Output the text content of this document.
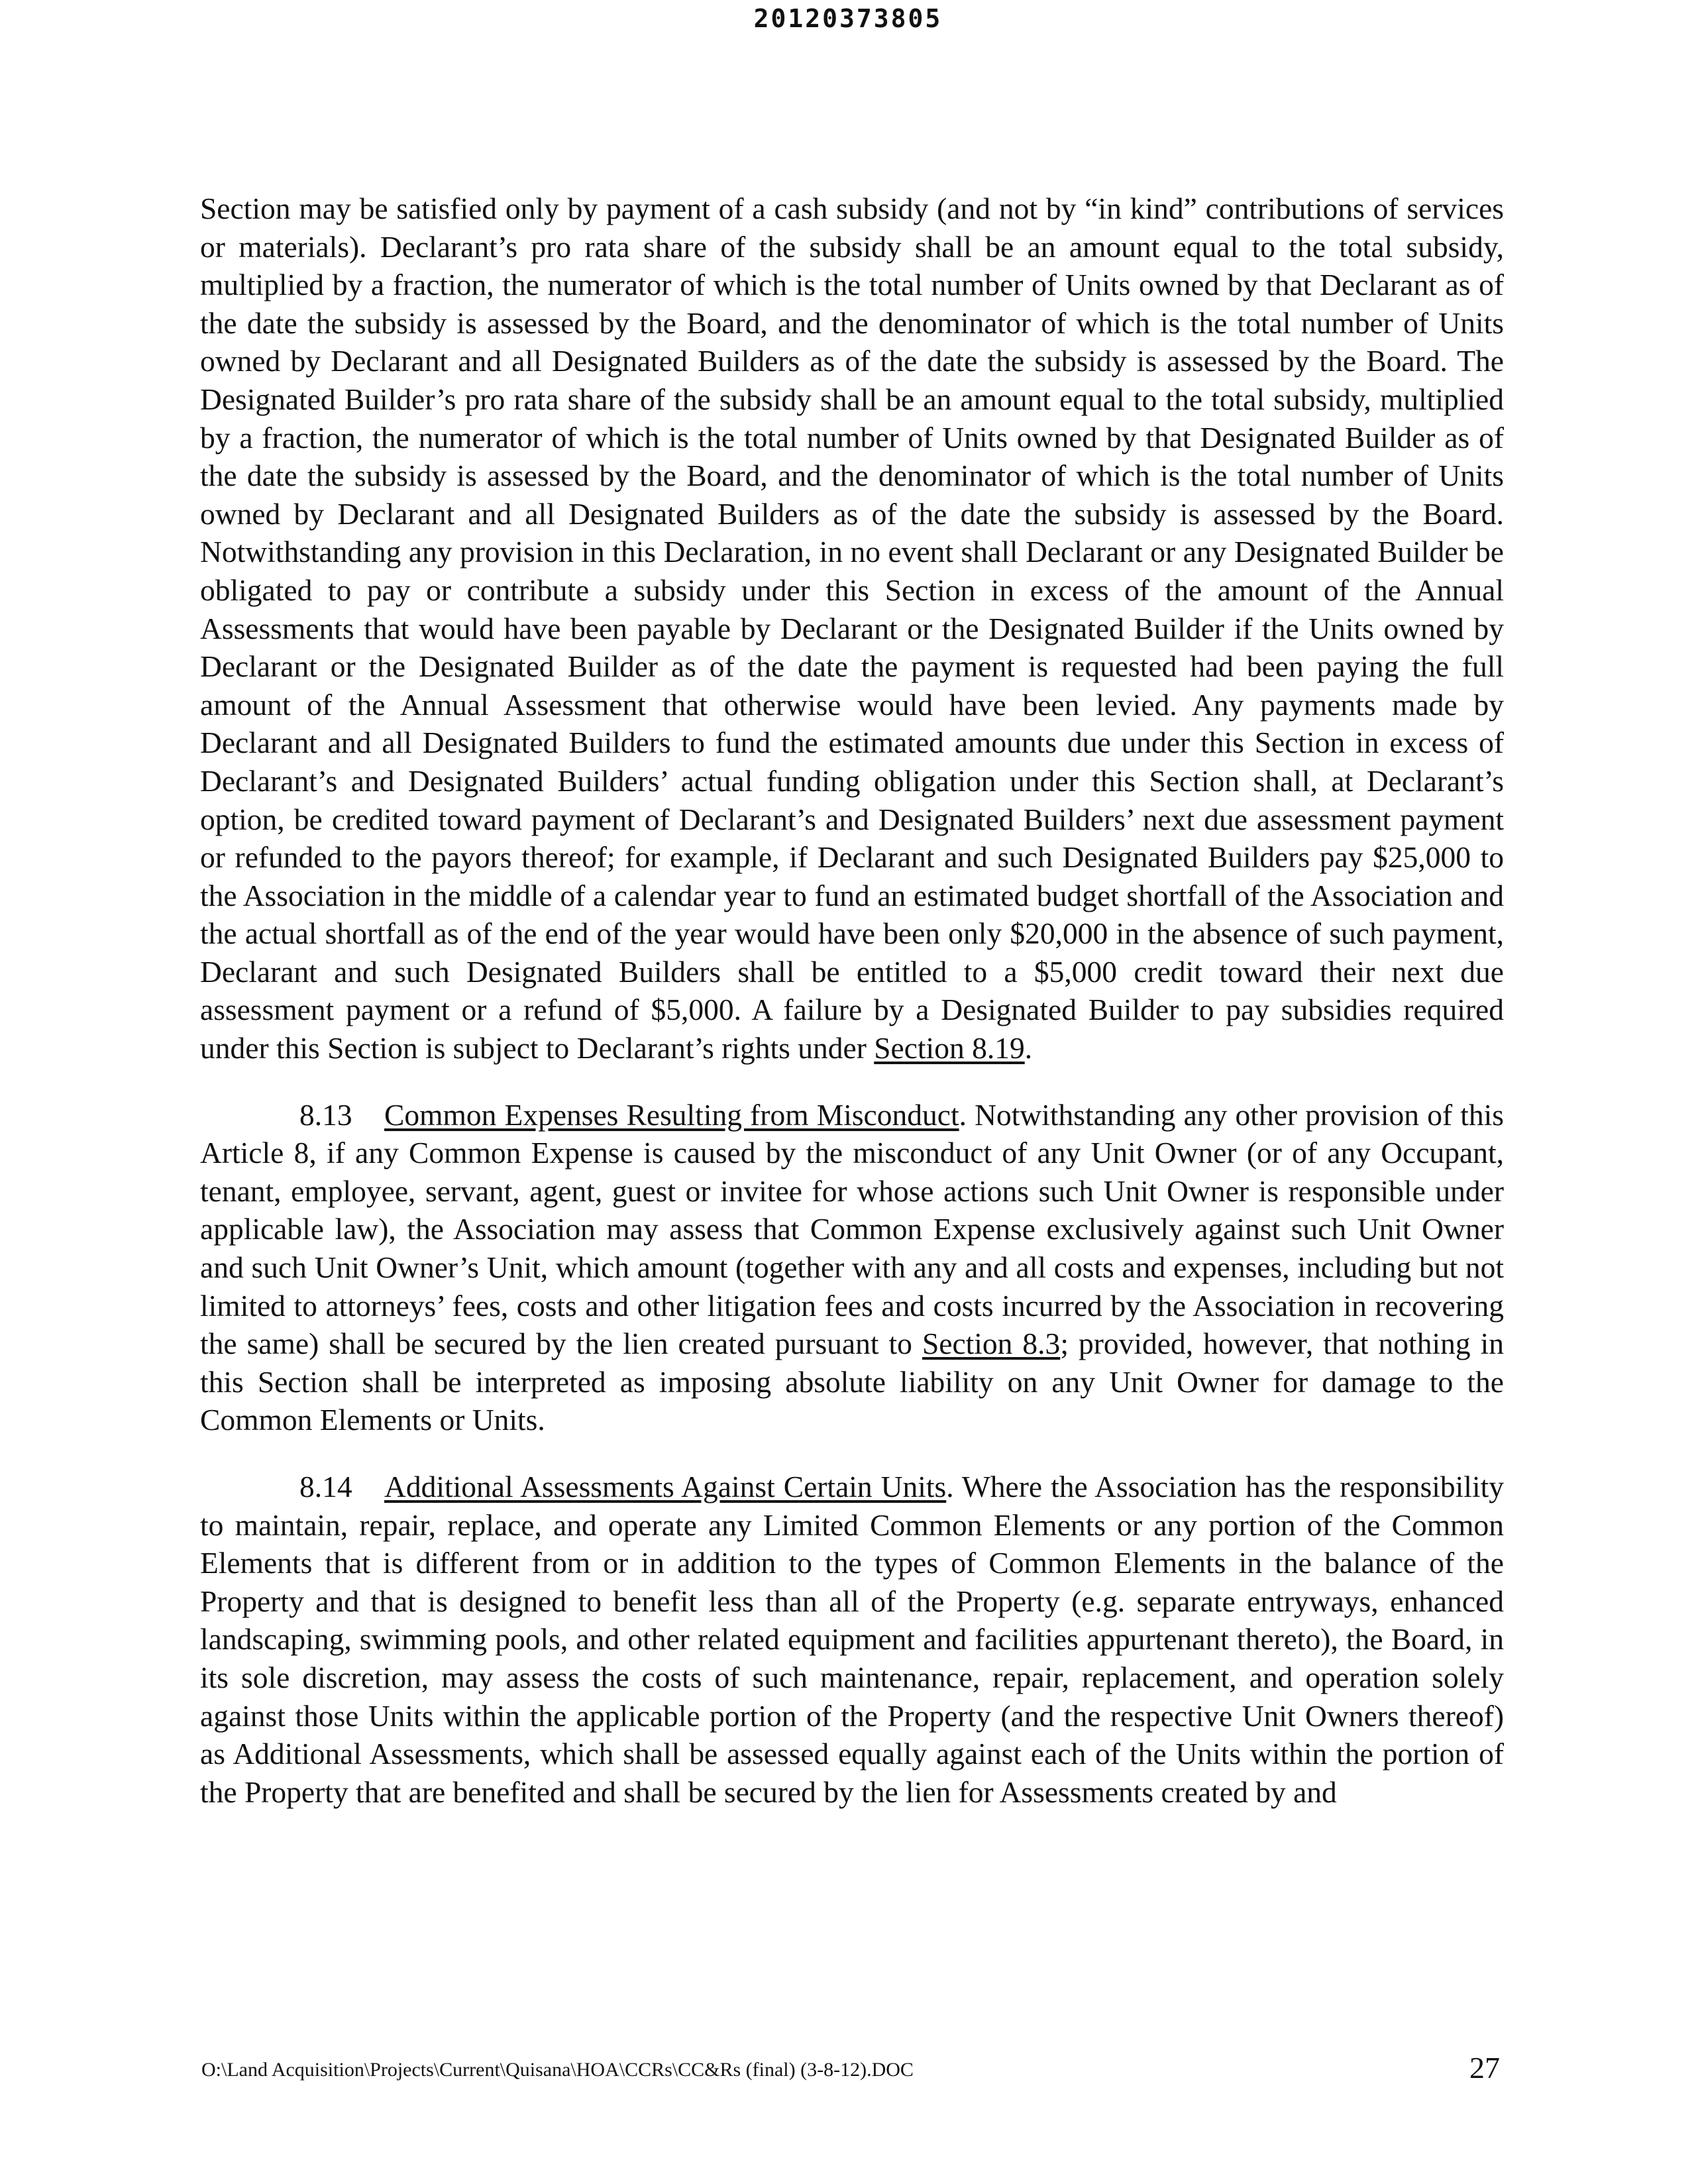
20120373805

Section may be satisfied only by payment of a cash subsidy (and not by “in kind” contributions of services or materials). Declarant’s pro rata share of the subsidy shall be an amount equal to the total subsidy, multiplied by a fraction, the numerator of which is the total number of Units owned by that Declarant as of the date the subsidy is assessed by the Board, and the denominator of which is the total number of Units owned by Declarant and all Designated Builders as of the date the subsidy is assessed by the Board. The Designated Builder’s pro rata share of the subsidy shall be an amount equal to the total subsidy, multiplied by a fraction, the numerator of which is the total number of Units owned by that Designated Builder as of the date the subsidy is assessed by the Board, and the denominator of which is the total number of Units owned by Declarant and all Designated Builders as of the date the subsidy is assessed by the Board. Notwithstanding any provision in this Declaration, in no event shall Declarant or any Designated Builder be obligated to pay or contribute a subsidy under this Section in excess of the amount of the Annual Assessments that would have been payable by Declarant or the Designated Builder if the Units owned by Declarant or the Designated Builder as of the date the payment is requested had been paying the full amount of the Annual Assessment that otherwise would have been levied. Any payments made by Declarant and all Designated Builders to fund the estimated amounts due under this Section in excess of Declarant’s and Designated Builders’ actual funding obligation under this Section shall, at Declarant’s option, be credited toward payment of Declarant’s and Designated Builders’ next due assessment payment or refunded to the payors thereof; for example, if Declarant and such Designated Builders pay $25,000 to the Association in the middle of a calendar year to fund an estimated budget shortfall of the Association and the actual shortfall as of the end of the year would have been only $20,000 in the absence of such payment, Declarant and such Designated Builders shall be entitled to a $5,000 credit toward their next due assessment payment or a refund of $5,000. A failure by a Designated Builder to pay subsidies required under this Section is subject to Declarant’s rights under Section 8.19.

8.13 Common Expenses Resulting from Misconduct. Notwithstanding any other provision of this Article 8, if any Common Expense is caused by the misconduct of any Unit Owner (or of any Occupant, tenant, employee, servant, agent, guest or invitee for whose actions such Unit Owner is responsible under applicable law), the Association may assess that Common Expense exclusively against such Unit Owner and such Unit Owner’s Unit, which amount (together with any and all costs and expenses, including but not limited to attorneys’ fees, costs and other litigation fees and costs incurred by the Association in recovering the same) shall be secured by the lien created pursuant to Section 8.3; provided, however, that nothing in this Section shall be interpreted as imposing absolute liability on any Unit Owner for damage to the Common Elements or Units.

8.14 Additional Assessments Against Certain Units. Where the Association has the responsibility to maintain, repair, replace, and operate any Limited Common Elements or any portion of the Common Elements that is different from or in addition to the types of Common Elements in the balance of the Property and that is designed to benefit less than all of the Property (e.g. separate entryways, enhanced landscaping, swimming pools, and other related equipment and facilities appurtenant thereto), the Board, in its sole discretion, may assess the costs of such maintenance, repair, replacement, and operation solely against those Units within the applicable portion of the Property (and the respective Unit Owners thereof) as Additional Assessments, which shall be assessed equally against each of the Units within the portion of the Property that are benefited and shall be secured by the lien for Assessments created by and

O:\Land Acquisition\Projects\Current\Quisana\HOA\CCRs\CC&Rs (final) (3-8-12).DOC	27
